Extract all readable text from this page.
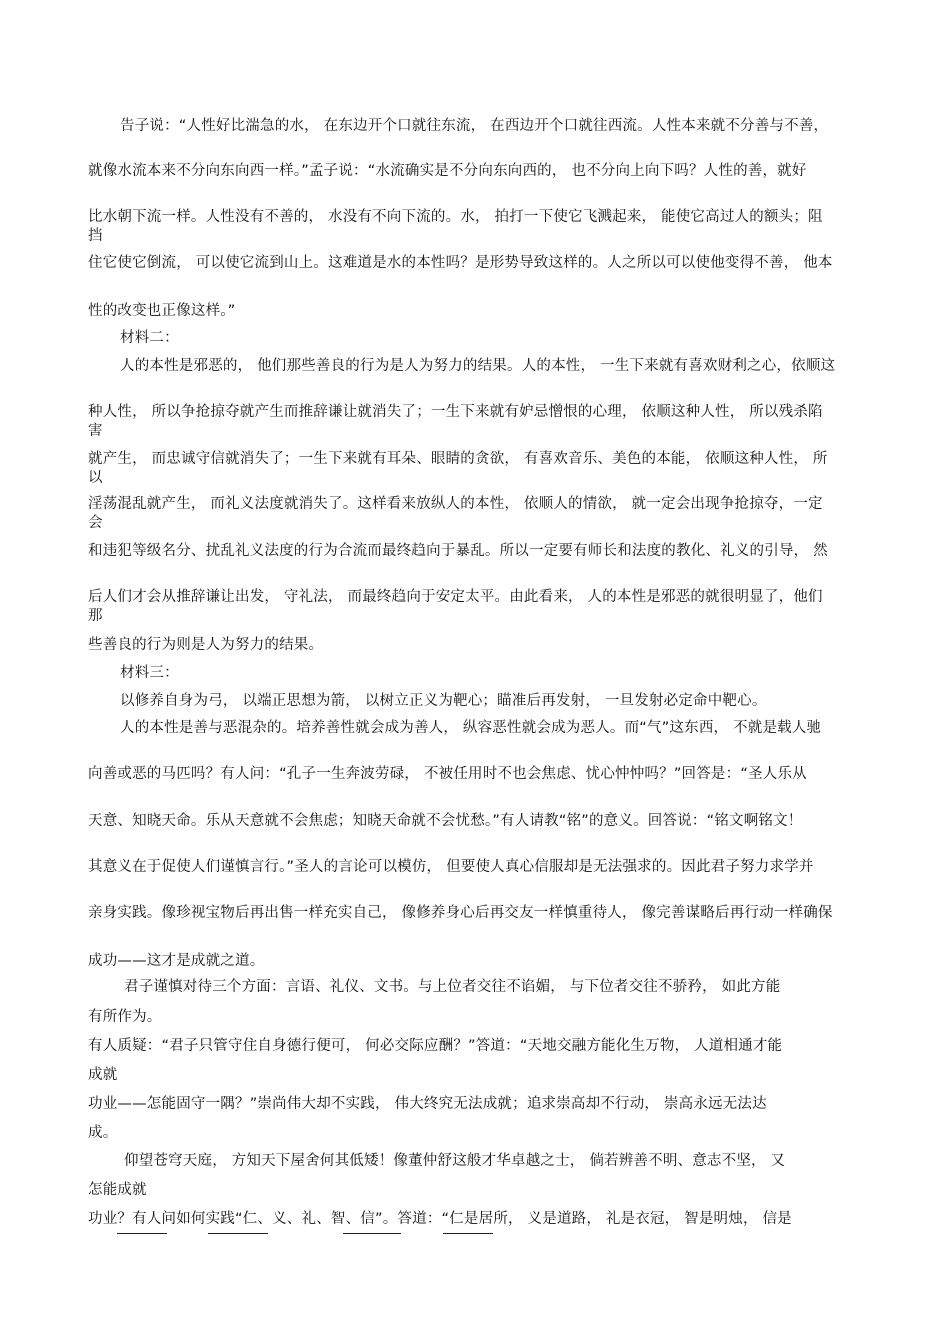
告子说：“人性好比湍急的水， 在东边开个口就往东流， 在西边开个口就往西流。人性本来就不分善与不善，
就像水流本来不分向东向西一样。”孟子说：“水流确实是不分向东向西的， 也不分向上向下吗？人性的善，就好
比水朝下流一样。人性没有不善的， 水没有不向下流的。水， 拍打一下使它飞溅起来， 能使它高过人的额头；阻挡
住它使它倒流， 可以使它流到山上。这难道是水的本性吗？是形势导致这样的。人之所以可以使他变得不善， 他本
性的改变也正像这样。”
材料二：
人的本性是邪恶的， 他们那些善良的行为是人为努力的结果。人的本性， 一生下来就有喜欢财利之心，依顺这
种人性， 所以争抢掠夺就产生而推辞谦让就消失了；一生下来就有妒忌憎恨的心理， 依顺这种人性， 所以残杀陷害
就产生， 而忠诚守信就消失了；一生下来就有耳朵、眼睛的贪欲， 有喜欢音乐、美色的本能， 依顺这种人性， 所以
淫荡混乱就产生， 而礼义法度就消失了。这样看来放纵人的本性， 依顺人的情欲， 就一定会出现争抢掠夺，一定会
和违犯等级名分、扰乱礼义法度的行为合流而最终趋向于暴乱。所以一定要有师长和法度的教化、礼义的引导， 然
后人们才会从推辞谦让出发， 守礼法， 而最终趋向于安定太平。由此看来， 人的本性是邪恶的就很明显了，他们那
些善良的行为则是人为努力的结果。
材料三：
以修养自身为弓， 以端正思想为箭， 以树立正义为靶心；瞄准后再发射， 一旦发射必定命中靶心。
人的本性是善与恶混杂的。培养善性就会成为善人， 纵容恶性就会成为恶人。而“气”这东西， 不就是载人驰
向善或恶的马匹吗？有人问：“孔子一生奔波劳碌， 不被任用时不也会焦虑、忧心忡忡吗？”回答是：“圣人乐从
天意、知晓天命。乐从天意就不会焦虑；知晓天命就不会忧愁。”有人请教“铭”的意义。回答说：“铭文啊铭文！
其意义在于促使人们谨慎言行。”圣人的言论可以模仿， 但要使人真心信服却是无法强求的。因此君子努力求学并
亲身实践。像珍视宝物后再出售一样充实自己， 像修养身心后再交友一样慎重待人， 像完善谋略后再行动一样确保
成功——这才是成就之道。
君子谨慎对待三个方面：言语、礼仪、文书。与上位者交往不谄媚， 与下位者交往不骄矜， 如此方能
有所作为。
有人质疑：“君子只管守住自身德行便可， 何必交际应酬？”答道：“天地交融方能化生万物， 人道相通才能
成就
功业——怎能固守一隅？”崇尚伟大却不实践， 伟大终究无法成就；追求崇高却不行动， 崇高永远无法达
成。
仰望苍穹天庭， 方知天下屋舍何其低矮！像董仲舒这般才华卓越之士， 倘若辨善不明、意志不坚， 又
怎能成就
功业？有人问如何实践“仁、义、礼、智、信”。答道：“仁是居所， 义是道路， 礼是衣冠， 智是明烛， 信是
